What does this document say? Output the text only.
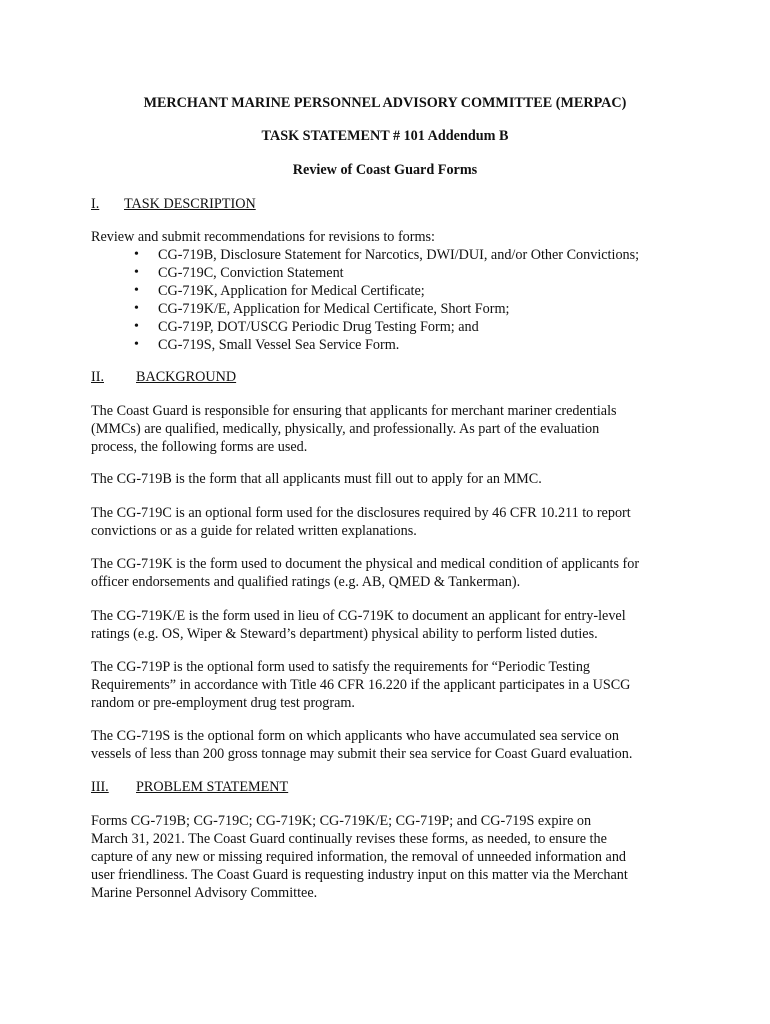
MERCHANT MARINE PERSONNEL ADVISORY COMMITTEE (MERPAC)
TASK STATEMENT # 101 Addendum B
Review of Coast Guard Forms
I. TASK DESCRIPTION
Review and submit recommendations for revisions to forms:
• CG-719B, Disclosure Statement for Narcotics, DWI/DUI, and/or Other Convictions;
• CG-719C, Conviction Statement
• CG-719K, Application for Medical Certificate;
• CG-719K/E, Application for Medical Certificate, Short Form;
• CG-719P, DOT/USCG Periodic Drug Testing Form; and
• CG-719S, Small Vessel Sea Service Form.
II. BACKGROUND
The Coast Guard is responsible for ensuring that applicants for merchant mariner credentials
(MMCs) are qualified, medically, physically, and professionally. As part of the evaluation
process, the following forms are used.
The CG-719B is the form that all applicants must fill out to apply for an MMC.
The CG-719C is an optional form used for the disclosures required by 46 CFR 10.211 to report
convictions or as a guide for related written explanations.
The CG-719K is the form used to document the physical and medical condition of applicants for
officer endorsements and qualified ratings (e.g. AB, QMED & Tankerman).
The CG-719K/E is the form used in lieu of CG-719K to document an applicant for entry-level
ratings (e.g. OS, Wiper & Steward’s department) physical ability to perform listed duties.
The CG-719P is the optional form used to satisfy the requirements for “Periodic Testing
Requirements” in accordance with Title 46 CFR 16.220 if the applicant participates in a USCG
random or pre-employment drug test program.
The CG-719S is the optional form on which applicants who have accumulated sea service on
vessels of less than 200 gross tonnage may submit their sea service for Coast Guard evaluation.
III. PROBLEM STATEMENT
Forms CG-719B; CG-719C; CG-719K; CG-719K/E; CG-719P; and CG-719S expire on
March 31, 2021. The Coast Guard continually revises these forms, as needed, to ensure the
capture of any new or missing required information, the removal of unneeded information and
user friendliness. The Coast Guard is requesting industry input on this matter via the Merchant
Marine Personnel Advisory Committee.
